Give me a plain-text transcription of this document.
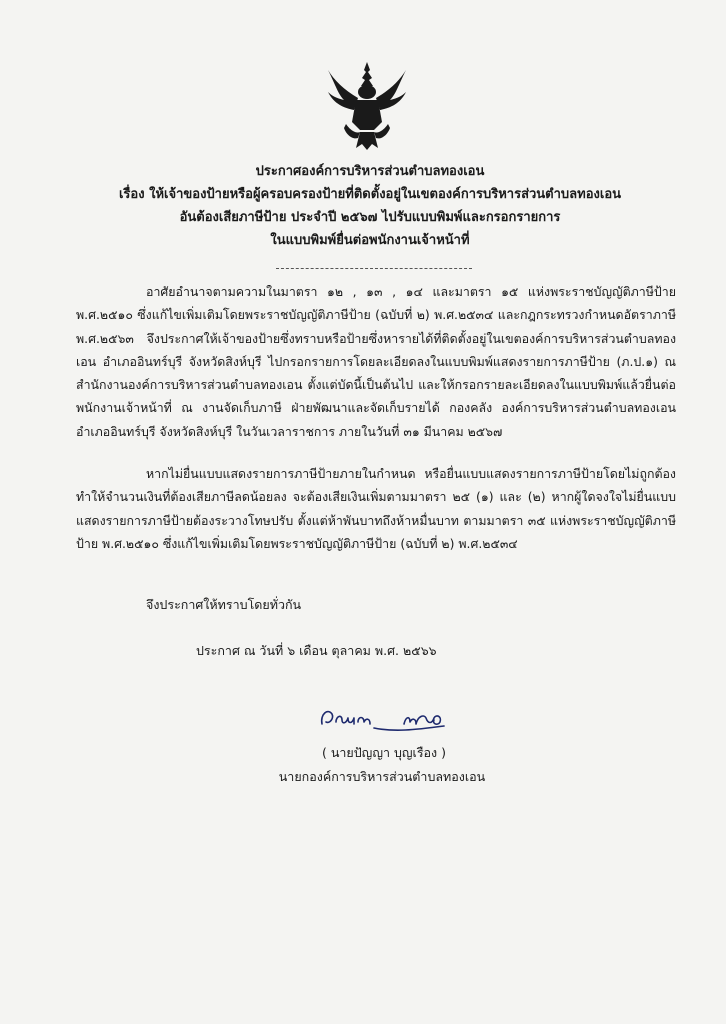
ประกาศองค์การบริหารส่วนตำบลทองเอน
เรื่อง ให้เจ้าของป้ายหรือผู้ครอบครองป้ายที่ติดตั้งอยู่ในเขตองค์การบริหารส่วนตำบลทองเอน
อันต้องเสียภาษีป้าย ประจำปี ๒๕๖๗ ไปรับแบบพิมพ์และกรอกรายการ
ในแบบพิมพ์ยื่นต่อพนักงานเจ้าหน้าที่

อาศัยอำนาจตามความในมาตรา ๑๒ , ๑๓ , ๑๔ และมาตรา ๑๕ แห่งพระราชบัญญัติภาษีป้าย พ.ศ.๒๕๑๐ ซึ่งแก้ไขเพิ่มเติมโดยพระราชบัญญัติภาษีป้าย (ฉบับที่ ๒) พ.ศ.๒๕๓๔ และกฎกระทรวงกำหนดอัตราภาษี พ.ศ.๒๕๖๓ จึงประกาศให้เจ้าของป้ายซึ่งทราบหรือป้ายซึ่งหารายได้ที่ติดตั้งอยู่ในเขตองค์การบริหารส่วนตำบลทองเอน อำเภออินทร์บุรี จังหวัดสิงห์บุรี ไปกรอกรายการโดยละเอียดลงในแบบพิมพ์แสดงรายการภาษีป้าย (ภ.ป.๑) ณ สำนักงานองค์การบริหารส่วนตำบลทองเอน ตั้งแต่บัดนี้เป็นต้นไป และให้กรอกรายละเอียดลงในแบบพิมพ์แล้วยื่นต่อพนักงานเจ้าหน้าที่ ณ งานจัดเก็บภาษี ฝ่ายพัฒนาและจัดเก็บรายได้ กองคลัง องค์การบริหารส่วนตำบลทองเอน อำเภออินทร์บุรี จังหวัดสิงห์บุรี ในวันเวลาราชการ ภายในวันที่ ๓๑ มีนาคม ๒๕๖๗

หากไม่ยื่นแบบแสดงรายการภาษีป้ายภายในกำหนด หรือยื่นแบบแสดงรายการภาษีป้ายโดยไม่ถูกต้อง ทำให้จำนวนเงินที่ต้องเสียภาษีลดน้อยลง จะต้องเสียเงินเพิ่มตามมาตรา ๒๕ (๑) และ (๒) หากผู้ใดจงใจไม่ยื่นแบบแสดงรายการภาษีป้ายต้องระวางโทษปรับ ตั้งแต่ห้าพันบาทถึงห้าหมื่นบาท ตามมาตรา ๓๕ แห่งพระราชบัญญัติภาษีป้าย พ.ศ.๒๕๑๐ ซึ่งแก้ไขเพิ่มเติมโดยพระราชบัญญัติภาษีป้าย (ฉบับที่ ๒) พ.ศ.๒๕๓๔

จึงประกาศให้ทราบโดยทั่วกัน
ประกาศ ณ วันที่ ๖ เดือน ตุลาคม พ.ศ. ๒๕๖๖
( นายปัญญา บุญเรือง )
นายกองค์การบริหารส่วนตำบลทองเอน
